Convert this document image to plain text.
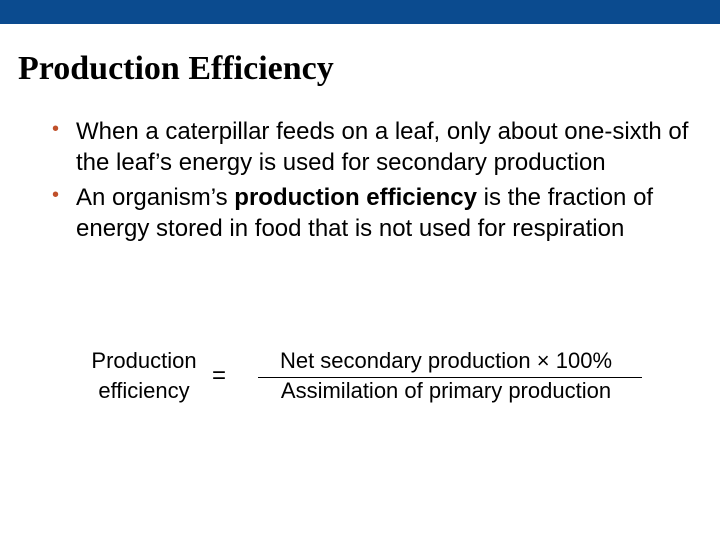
Production Efficiency
• When a caterpillar feeds on a leaf, only about one-sixth of the leaf’s energy is used for secondary production
• An organism’s production efficiency is the fraction of energy stored in food that is not used for respiration
Production
efficiency
=
Net secondary production × 100%
Assimilation of primary production
